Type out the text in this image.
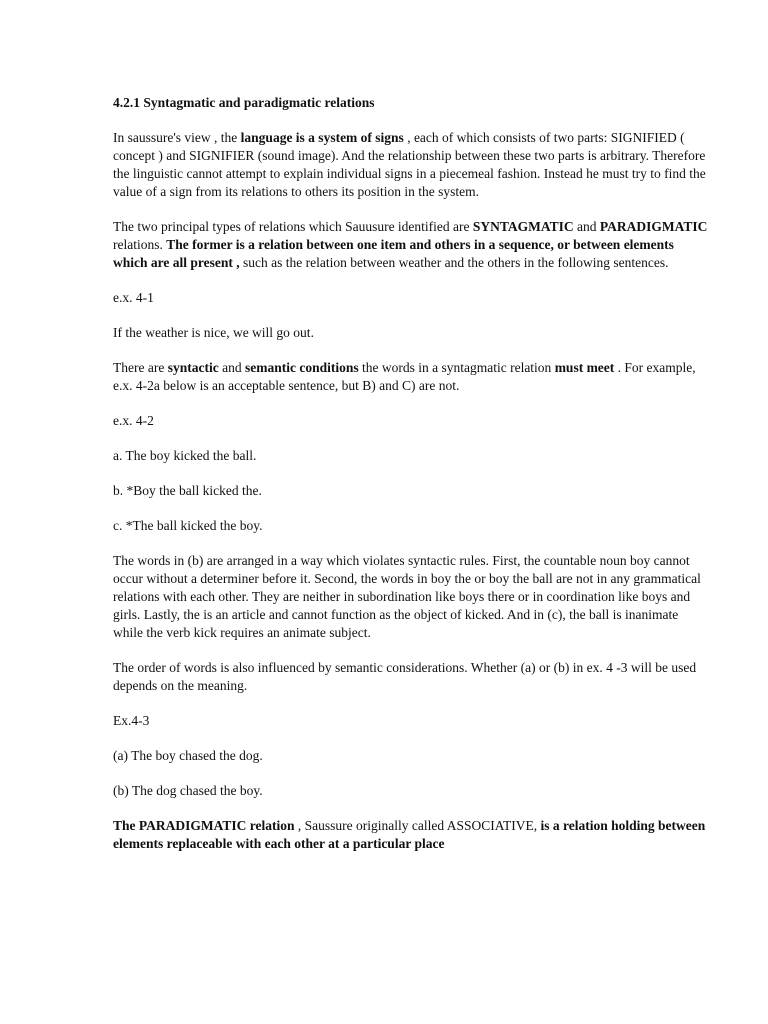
4.2.1 Syntagmatic and paradigmatic relations

In saussure's view , the language is a system of signs , each of which consists of two parts: SIGNIFIED ( concept ) and SIGNIFIER (sound image). And the relationship between these two parts is arbitrary. Therefore the linguistic cannot attempt to explain individual signs in a piecemeal fashion. Instead he must try to find the value of a sign from its relations to others its position in the system.

The two principal types of relations which Sauusure identified are SYNTAGMATIC and PARADIGMATIC relations. The former is a relation between one item and others in a sequence, or between elements which are all present , such as the relation between weather and the others in the following sentences.

e.x. 4-1

If the weather is nice, we will go out.

There are syntactic and semantic conditions the words in a syntagmatic relation must meet . For example, e.x. 4-2a below is an acceptable sentence, but B) and C) are not.

e.x. 4-2

a. The boy kicked the ball.

b. *Boy the ball kicked the.

c. *The ball kicked the boy.

The words in (b) are arranged in a way which violates syntactic rules. First, the countable noun boy cannot occur without a determiner before it. Second, the words in boy the or boy the ball are not in any grammatical relations with each other. They are neither in subordination like boys there or in coordination like boys and girls. Lastly, the is an article and cannot function as the object of kicked. And in (c), the ball is inanimate while the verb kick requires an animate subject.

The order of words is also influenced by semantic considerations. Whether (a) or (b) in ex. 4 -3 will be used depends on the meaning.

Ex.4-3

(a) The boy chased the dog.

(b) The dog chased the boy.

The PARADIGMATIC relation , Saussure originally called ASSOCIATIVE, is a relation holding between elements replaceable with each other at a particular place
